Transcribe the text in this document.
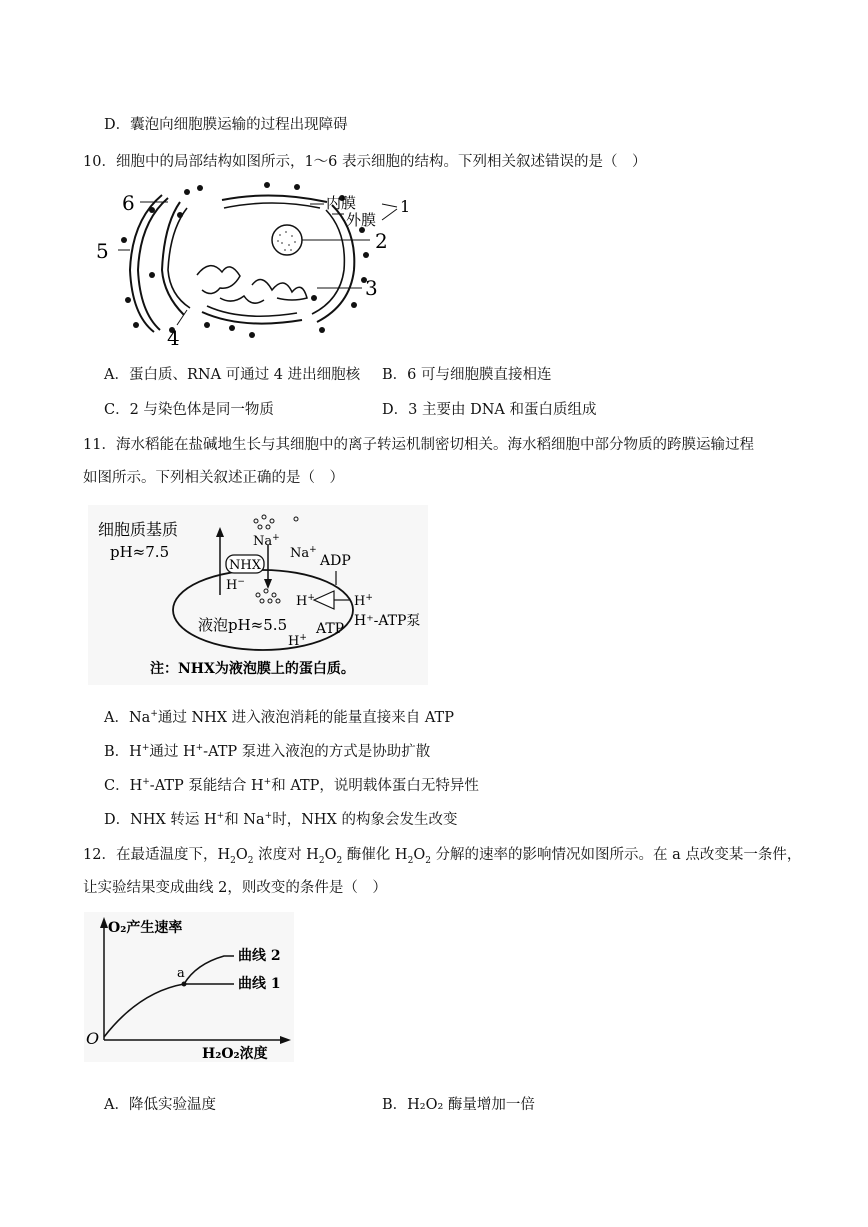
D．囊泡向细胞膜运输的过程出现障碍
10．细胞中的局部结构如图所示，1～6 表示细胞的结构。下列相关叙述错误的是（　）
6
5
4
3
2
1
内膜
外膜
A．蛋白质、RNA 可通过 4 进出细胞核 B．6 可与细胞膜直接相连
C．2 与染色体是同一物质	D．3 主要由 DNA 和蛋白质组成
11．海水稻能在盐碱地生长与其细胞中的离子转运机制密切相关。海水稻细胞中部分物质的跨膜运输过程
如图所示。下列相关叙述正确的是（　）
细胞质基质
pH≈7.5
液泡pH≈5.5
NHX
H−
Na+
Na+
ADP
H+	H+
ATP H⁺-ATP泵
H+
注：NHX为液泡膜上的蛋白质。
A．Na+通过 NHX 进入液泡消耗的能量直接来自 ATP
B．H+通过 H+-ATP 泵进入液泡的方式是协助扩散
C．H+-ATP 泵能结合 H+和 ATP，说明载体蛋白无特异性
D．NHX 转运 H+和 Na+时，NHX 的构象会发生改变
12．在最适温度下，$H_2O_2$ 浓度对 $H_2O_2$ 酶催化 $H_2O_2$ 分解的速率的影响情况如图所示。在 a 点改变某一条件，
让实验结果变成曲线 2，则改变的条件是（　）
O₂产生速率
H₂O₂浓度
O
a
曲线 1
曲线 2
A．降低实验温度	B．H₂O₂ 酶量增加一倍
